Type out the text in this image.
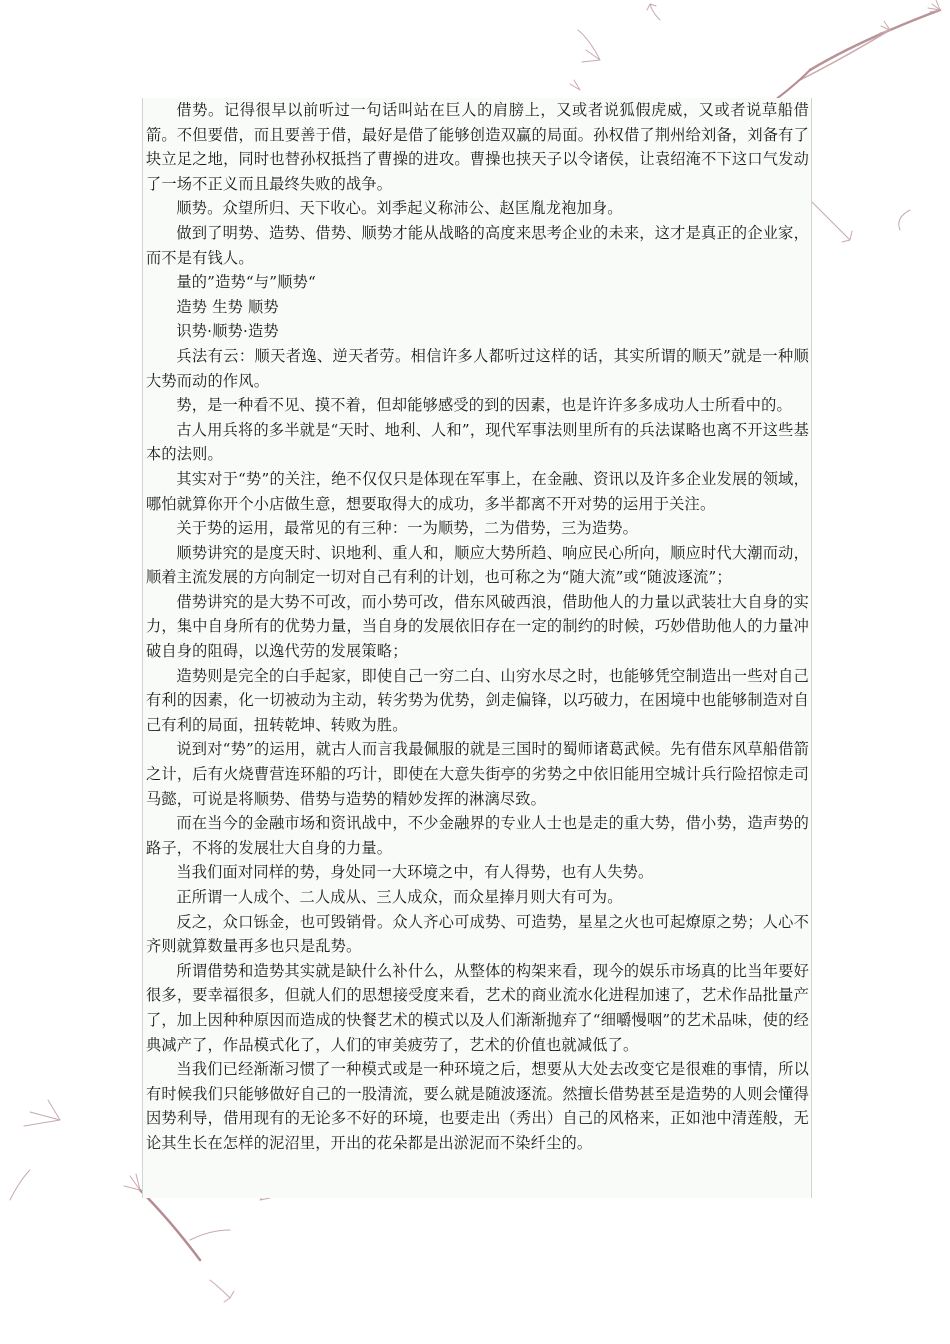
借势。记得很早以前听过一句话叫站在巨人的肩膀上，又或者说狐假虎威，又或者说草船借箭。不但要借，而且要善于借，最好是借了能够创造双赢的局面。孙权借了荆州给刘备，刘备有了块立足之地，同时也替孙权抵挡了曹操的进攻。曹操也挟天子以令诸侯，让袁绍淹不下这口气发动了一场不正义而且最终失败的战争。

顺势。众望所归、天下收心。刘季起义称沛公、赵匡胤龙袍加身。

做到了明势、造势、借势、顺势才能从战略的高度来思考企业的未来，这才是真正的企业家，而不是有钱人。

量的”造势“与”顺势“

造势 生势 顺势

识势·顺势·造势

兵法有云：顺天者逸、逆天者劳。相信许多人都听过这样的话，其实所谓的顺天”就是一种顺大势而动的作风。

势，是一种看不见、摸不着，但却能够感受的到的因素，也是许许多多成功人士所看中的。

古人用兵将的多半就是“天时、地利、人和”，现代军事法则里所有的兵法谋略也离不开这些基本的法则。

其实对于“势”的关注，绝不仅仅只是体现在军事上，在金融、资讯以及许多企业发展的领域，哪怕就算你开个小店做生意，想要取得大的成功，多半都离不开对势的运用于关注。

关于势的运用，最常见的有三种：一为顺势，二为借势，三为造势。

顺势讲究的是度天时、识地利、重人和，顺应大势所趋、响应民心所向，顺应时代大潮而动，顺着主流发展的方向制定一切对自己有利的计划，也可称之为“随大流”或“随波逐流”；

借势讲究的是大势不可改，而小势可改，借东风破西浪，借助他人的力量以武装壮大自身的实力，集中自身所有的优势力量，当自身的发展依旧存在一定的制约的时候，巧妙借助他人的力量冲破自身的阻碍，以逸代劳的发展策略；

造势则是完全的白手起家，即使自己一穷二白、山穷水尽之时，也能够凭空制造出一些对自己有利的因素，化一切被动为主动，转劣势为优势，剑走偏锋，以巧破力，在困境中也能够制造对自己有利的局面，扭转乾坤、转败为胜。

说到对“势”的运用，就古人而言我最佩服的就是三国时的蜀师诸葛武候。先有借东风草船借箭之计，后有火烧曹营连环船的巧计，即使在大意失街亭的劣势之中依旧能用空城计兵行险招惊走司马懿，可说是将顺势、借势与造势的精妙发挥的淋漓尽致。

而在当今的金融市场和资讯战中，不少金融界的专业人士也是走的重大势，借小势，造声势的路子，不将的发展壮大自身的力量。

当我们面对同样的势，身处同一大环境之中，有人得势，也有人失势。

正所谓一人成个、二人成从、三人成众，而众星捧月则大有可为。

反之，众口铄金，也可毁销骨。众人齐心可成势、可造势，星星之火也可起燎原之势；人心不齐则就算数量再多也只是乱势。

所谓借势和造势其实就是缺什么补什么，从整体的构架来看，现今的娱乐市场真的比当年要好很多，要幸福很多，但就人们的思想接受度来看，艺术的商业流水化进程加速了，艺术作品批量产了，加上因种种原因而造成的快餐艺术的模式以及人们渐渐抛弃了“细嚼慢咽”的艺术品味，使的经典减产了，作品模式化了，人们的审美疲劳了，艺术的价值也就减低了。

当我们已经渐渐习惯了一种模式或是一种环境之后，想要从大处去改变它是很难的事情，所以有时候我们只能够做好自己的一股清流，要么就是随波逐流。然擅长借势甚至是造势的人则会懂得因势利导，借用现有的无论多不好的环境，也要走出（秀出）自己的风格来，正如池中清莲般，无论其生长在怎样的泥沼里，开出的花朵都是出淤泥而不染纤尘的。
